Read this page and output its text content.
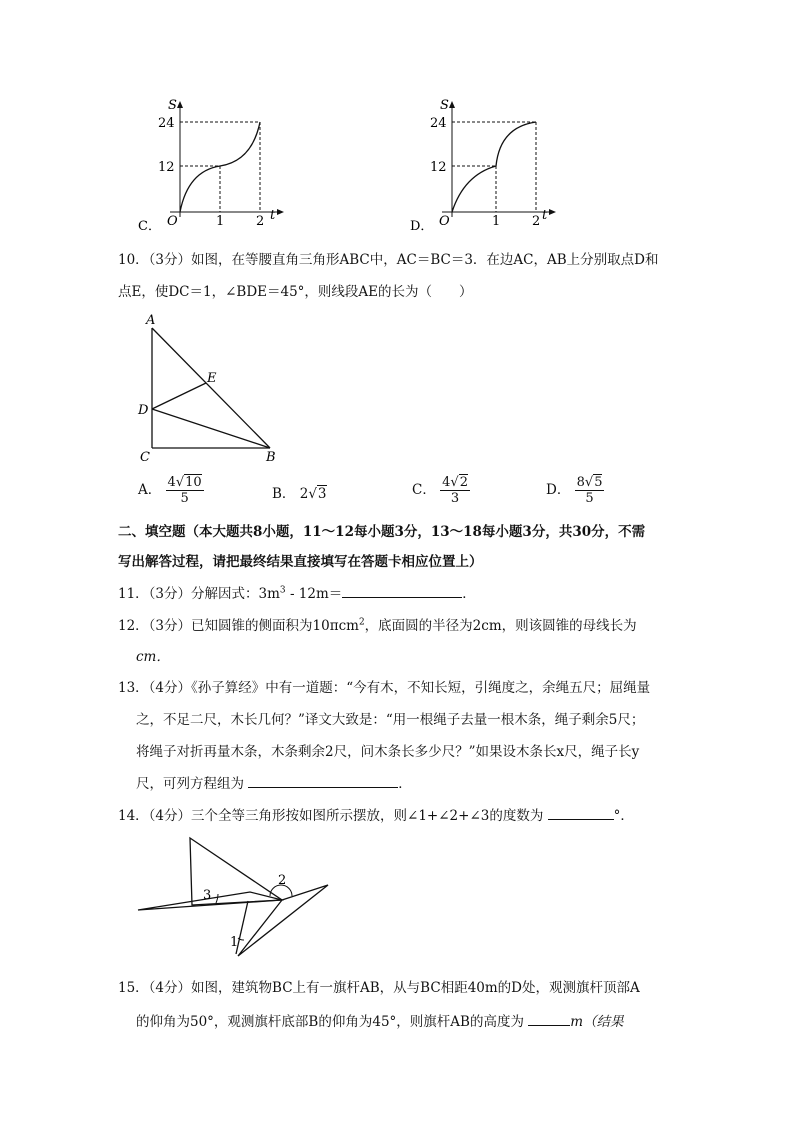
C．
S
t
O
24
12
1 2	D．
S
t
O
24
12
1 2
10．（3分）如图，在等腰直角三角形ABC中，AC＝BC＝3．在边AC，AB上分别取点D和
点E，使DC＝1，∠BDE＝45°，则线段AE的长为（　　）
A
E
D
C	B
A． $\frac{4√10}{5}$	B． 2√3	C． $\frac{4√2}{3}$	D． $\frac{8√5}{5}$
二、填空题（本大题共8小题，11～12每小题3分，13～18每小题3分，共30分，不需
写出解答过程，请把最终结果直接填写在答题卡相应位置上）
11．（3分）分解因式：$3m^3 - 12m=$	．
12．（3分）已知圆锥的侧面积为10πcm$^2$，底面圆的半径为2cm，则该圆锥的母线长为
cm．
13．（4分）《孙子算经》中有一道题：“今有木，不知长短，引绳度之，余绳五尺；屈绳量
之，不足二尺，木长几何？”译文大致是：“用一根绳子去量一根木条，绳子剩余5尺；
将绳子对折再量木条，木条剩余2尺，问木条长多少尺？”如果设木条长x尺，绳子长y
尺，可列方程组为	．
14．（4分）三个全等三角形按如图所示摆放，则∠1+∠2+∠3的度数为	°．
2
3
1
15．（4分）如图，建筑物BC上有一旗杆AB，从与BC相距40m的D处，观测旗杆顶部A
的仰角为50°，观测旗杆底部B的仰角为45°，则旗杆AB的高度为	m（结果
